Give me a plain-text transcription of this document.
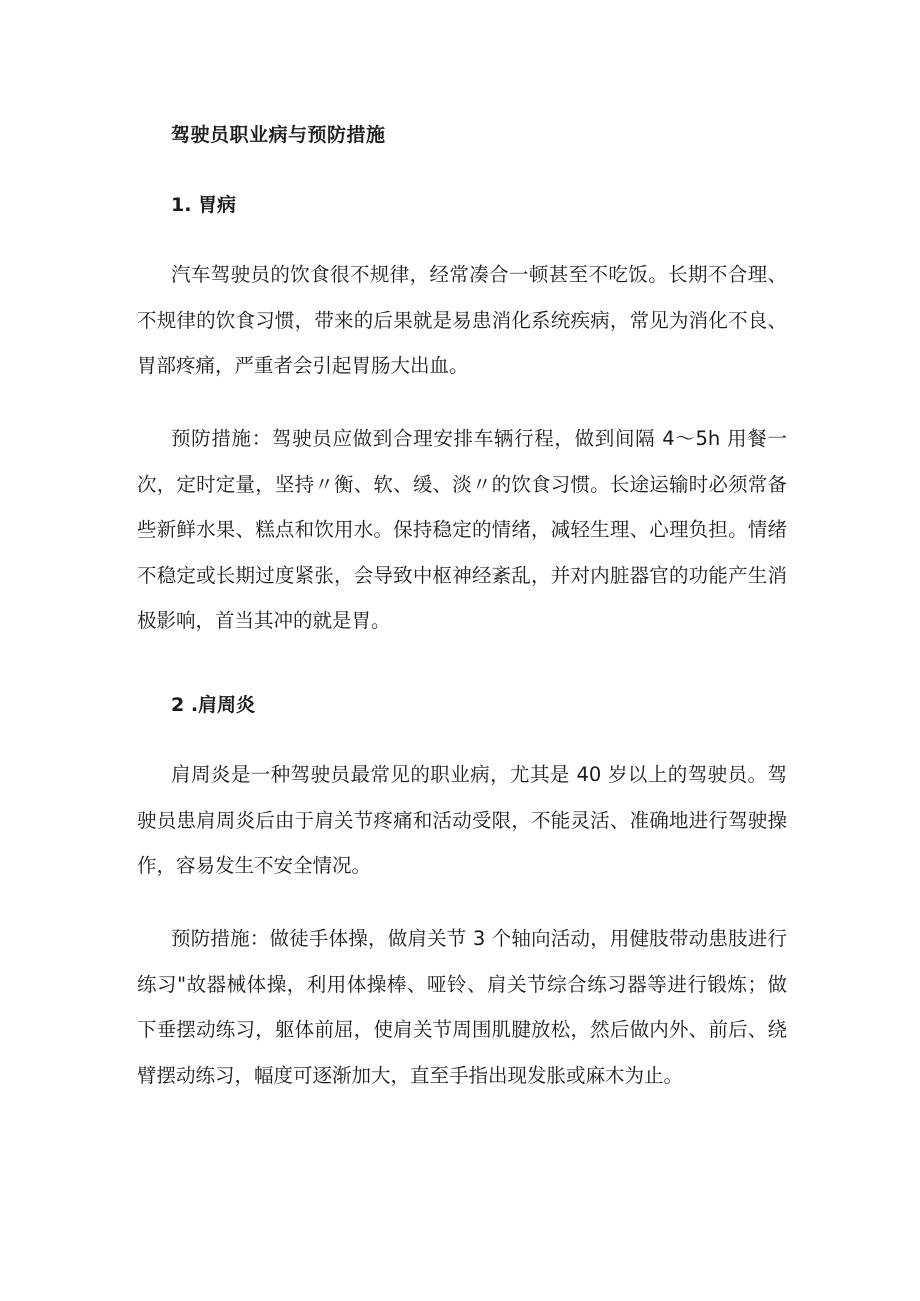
驾驶员职业病与预防措施
1. 胃病

汽车驾驶员的饮食很不规律，经常凑合一顿甚至不吃饭。长期不合理、不规律的饮食习惯，带来的后果就是易患消化系统疾病，常见为消化不良、胃部疼痛，严重者会引起胃肠大出血。

预防措施：驾驶员应做到合理安排车辆行程，做到间隔 4～5h 用餐一次，定时定量，坚持〃衡、软、缓、淡〃的饮食习惯。长途运输时必须常备些新鲜水果、糕点和饮用水。保持稳定的情绪，减轻生理、心理负担。情绪不稳定或长期过度紧张，会导致中枢神经紊乱，并对内脏器官的功能产生消极影响，首当其冲的就是胃。

2 .肩周炎

肩周炎是一种驾驶员最常见的职业病，尤其是 40 岁以上的驾驶员。驾驶员患肩周炎后由于肩关节疼痛和活动受限，不能灵活、准确地进行驾驶操作，容易发生不安全情况。

预防措施：做徒手体操，做肩关节 3 个轴向活动，用健肢带动患肢进行练习"故器械体操，利用体操棒、哑铃、肩关节综合练习器等进行锻炼；做下垂摆动练习，躯体前屈，使肩关节周围肌腱放松，然后做内外、前后、绕臂摆动练习，幅度可逐渐加大，直至手指出现发胀或麻木为止。
